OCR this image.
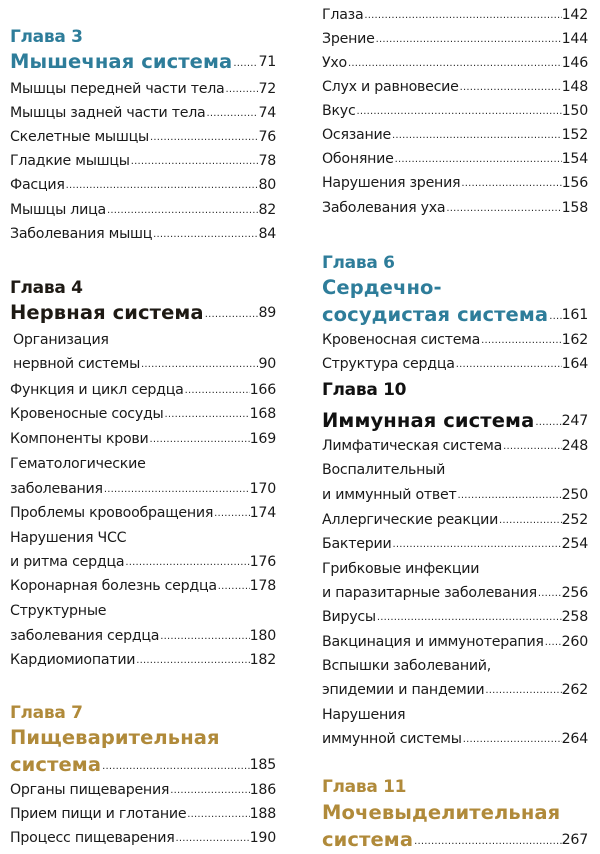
Глава 3
Мышечная система ..... 71
Мышцы передней части тела ..... 72
Мышцы задней части тела .....	74
Скелетные мышцы .....	76
Гладкие мышцы .....	78
Фасция .....	80
Мышцы лица .....	82
Заболевания мышц .....	84
Глава 4
Нервная система .....	89
Организация
нервной системы .....	90
Функция и цикл сердца .....	166
Кровеносные сосуды .....	168
Компоненты крови .....	169
Гематологические
заболевания .....	170
Проблемы кровообращения .....	174
Нарушения ЧСС
и ритма сердца .....	176
Коронарная болезнь сердца ..... 178
Структурные
заболевания сердца .....	180
Кардиомиопатии .....	182
Глава 7
Пищеварительная
система .....	185
Органы пищеварения .....	186
Прием пищи и глотание .....	188
Процесс пищеварения .....	190
Глаза .....	142
Зрение .....	144
Ухо .....	146
Слух и равновесие .....	148
Вкус .....	150
Осязание .....	152
Обоняние .....	154
Нарушения зрения .....	156
Заболевания уха .....	158
Глава 6
Сердечно-
сосудистая система ..... 161
Кровеносная система .....	162
Структура сердца .....	164
Глава 10
Иммунная система ..... 247
Лимфатическая система .....	248
Воспалительный
и иммунный ответ .....	250
Аллергические реакции .....	252
Бактерии .....	254
Грибковые инфекции
и паразитарные заболевания ..... 256
Вирусы .....	258
Вакцинация и иммунотерапия ..... 260
Вспышки заболеваний,
эпидемии и пандемии .....	262
Нарушения
иммунной системы .....	264
Глава 11
Мочевыделительная
система .....	267
